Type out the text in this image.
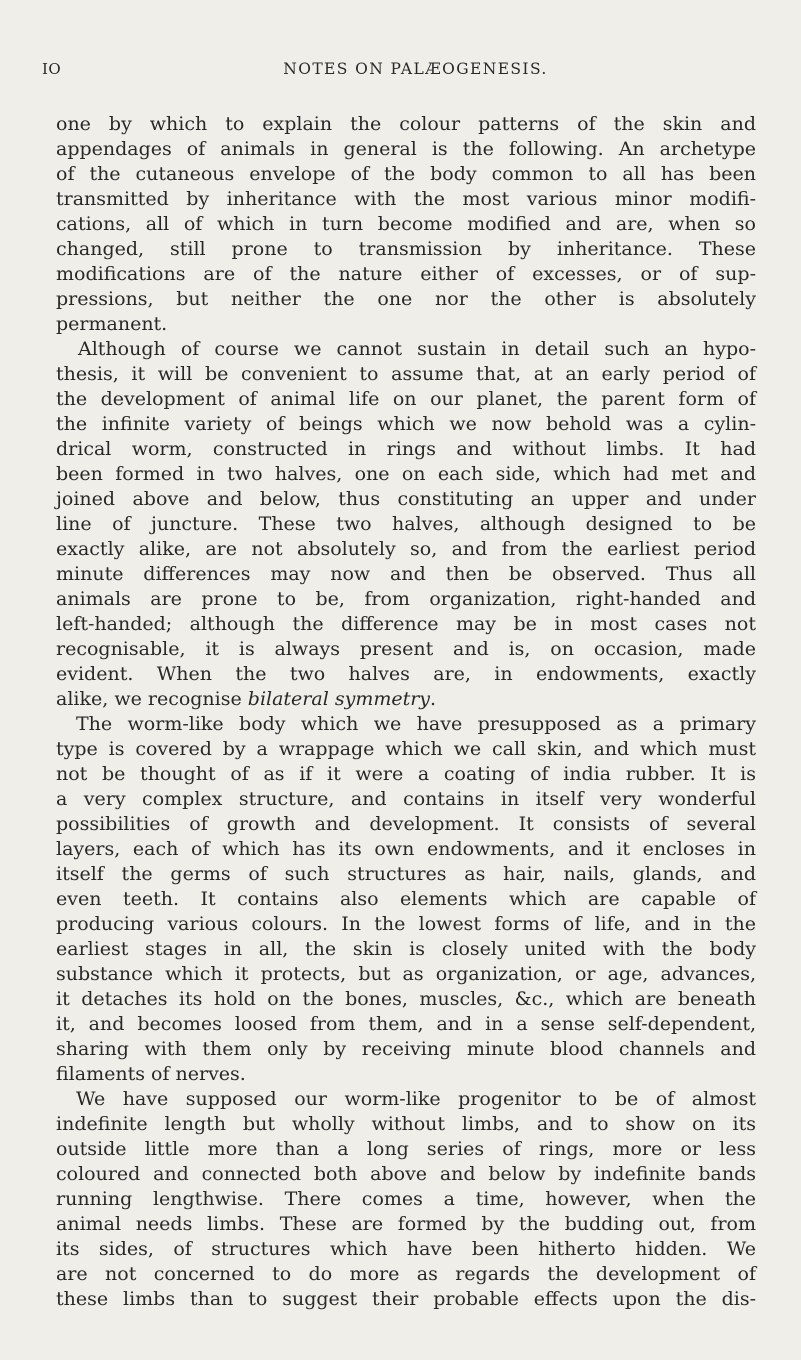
IO	NOTES ON PALÆOGENESIS.
one by which to explain the colour patterns of the skin and
appendages of animals in general is the following. An archetype
of the cutaneous envelope of the body common to all has been
transmitted by inheritance with the most various minor modifi-
cations, all of which in turn become modified and are, when so
changed, still prone to transmission by inheritance. These
modifications are of the nature either of excesses, or of sup-
pressions, but neither the one nor the other is absolutely
permanent.
Although of course we cannot sustain in detail such an hypo-
thesis, it will be convenient to assume that, at an early period of
the development of animal life on our planet, the parent form of
the infinite variety of beings which we now behold was a cylin-
drical worm, constructed in rings and without limbs. It had
been formed in two halves, one on each side, which had met and
joined above and below, thus constituting an upper and under
line of juncture. These two halves, although designed to be
exactly alike, are not absolutely so, and from the earliest period
minute differences may now and then be observed. Thus all
animals are prone to be, from organization, right-handed and
left-handed; although the difference may be in most cases not
recognisable, it is always present and is, on occasion, made
evident. When the two halves are, in endowments, exactly
alike, we recognise bilateral symmetry.
The worm-like body which we have presupposed as a primary
type is covered by a wrappage which we call skin, and which must
not be thought of as if it were a coating of india rubber. It is
a very complex structure, and contains in itself very wonderful
possibilities of growth and development. It consists of several
layers, each of which has its own endowments, and it encloses in
itself the germs of such structures as hair, nails, glands, and
even teeth. It contains also elements which are capable of
producing various colours. In the lowest forms of life, and in the
earliest stages in all, the skin is closely united with the body
substance which it protects, but as organization, or age, advances,
it detaches its hold on the bones, muscles, &c., which are beneath
it, and becomes loosed from them, and in a sense self-dependent,
sharing with them only by receiving minute blood channels and
filaments of nerves.
We have supposed our worm-like progenitor to be of almost
indefinite length but wholly without limbs, and to show on its
outside little more than a long series of rings, more or less
coloured and connected both above and below by indefinite bands
running lengthwise. There comes a time, however, when the
animal needs limbs. These are formed by the budding out, from
its sides, of structures which have been hitherto hidden. We
are not concerned to do more as regards the development of
these limbs than to suggest their probable effects upon the dis-
